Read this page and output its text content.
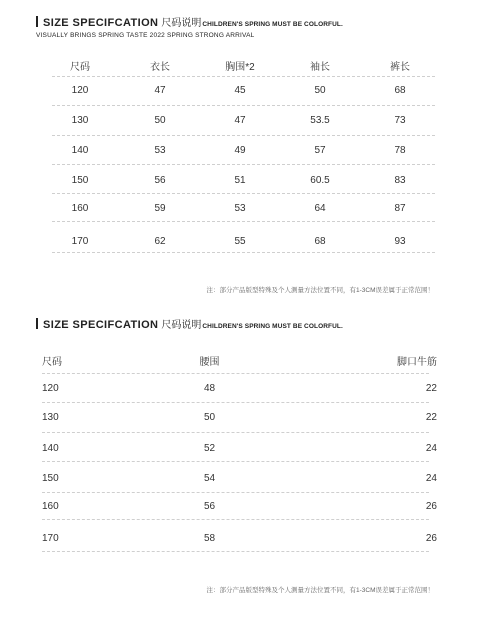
SIZE SPECIFCATION 尺码说明 CHILDREN'S SPRING MUST BE COLORFUL.
VISUALLY BRINGS SPRING TASTE 2022 SPRING STRONG ARRIVAL
尺码	衣长	胸围*2	袖长	裤长
120	47	45	50	68
130	50	47	53.5	73
140	53	49	57	78
150	56	51	60.5	83
160	59	53	64	87
170	62	55	68	93
注：部分产品版型特殊及个人测量方法位置不同，有1-3CM误差属于正常范围！
SIZE SPECIFCATION 尺码说明 CHILDREN'S SPRING MUST BE COLORFUL.
尺码	腰围	脚口牛筋
120	48	22
130	50	22
140	52	24
150	54	24
160	56	26
170	58	26
注：部分产品版型特殊及个人测量方法位置不同，有1-3CM误差属于正常范围！
